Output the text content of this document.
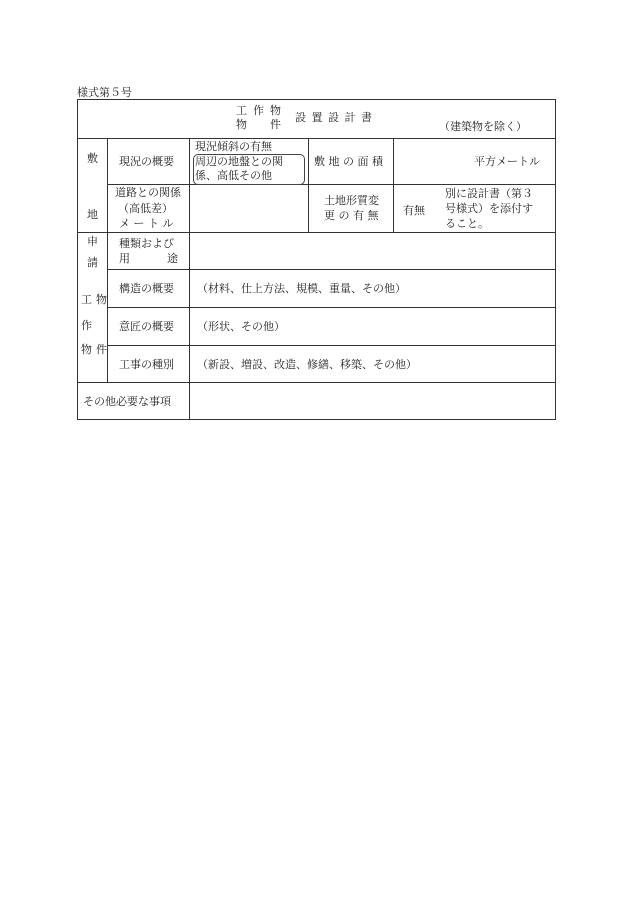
様式第５号
工 作 物
物 件
設 置 設 計 書
（建築物を除く）
敷
地
現況の概要
現況傾斜の有無
周辺の地盤との関
係、高低その他
敷 地 の 面 積	平方メートル
道路との関係
（高低差）
メ ー ト ル
土地形質変
更 の 有 無 有無
別に設計書（第３
号様式）を添付す
ること。
申
請
工 物
作
物 件
種類および
用	途
構造の概要 （材料、仕上方法、規模、重量、その他）
意匠の概要 （形状、その他）
工事の種別 （新設、増設、改造、修繕、移築、その他）
その他必要な事項
